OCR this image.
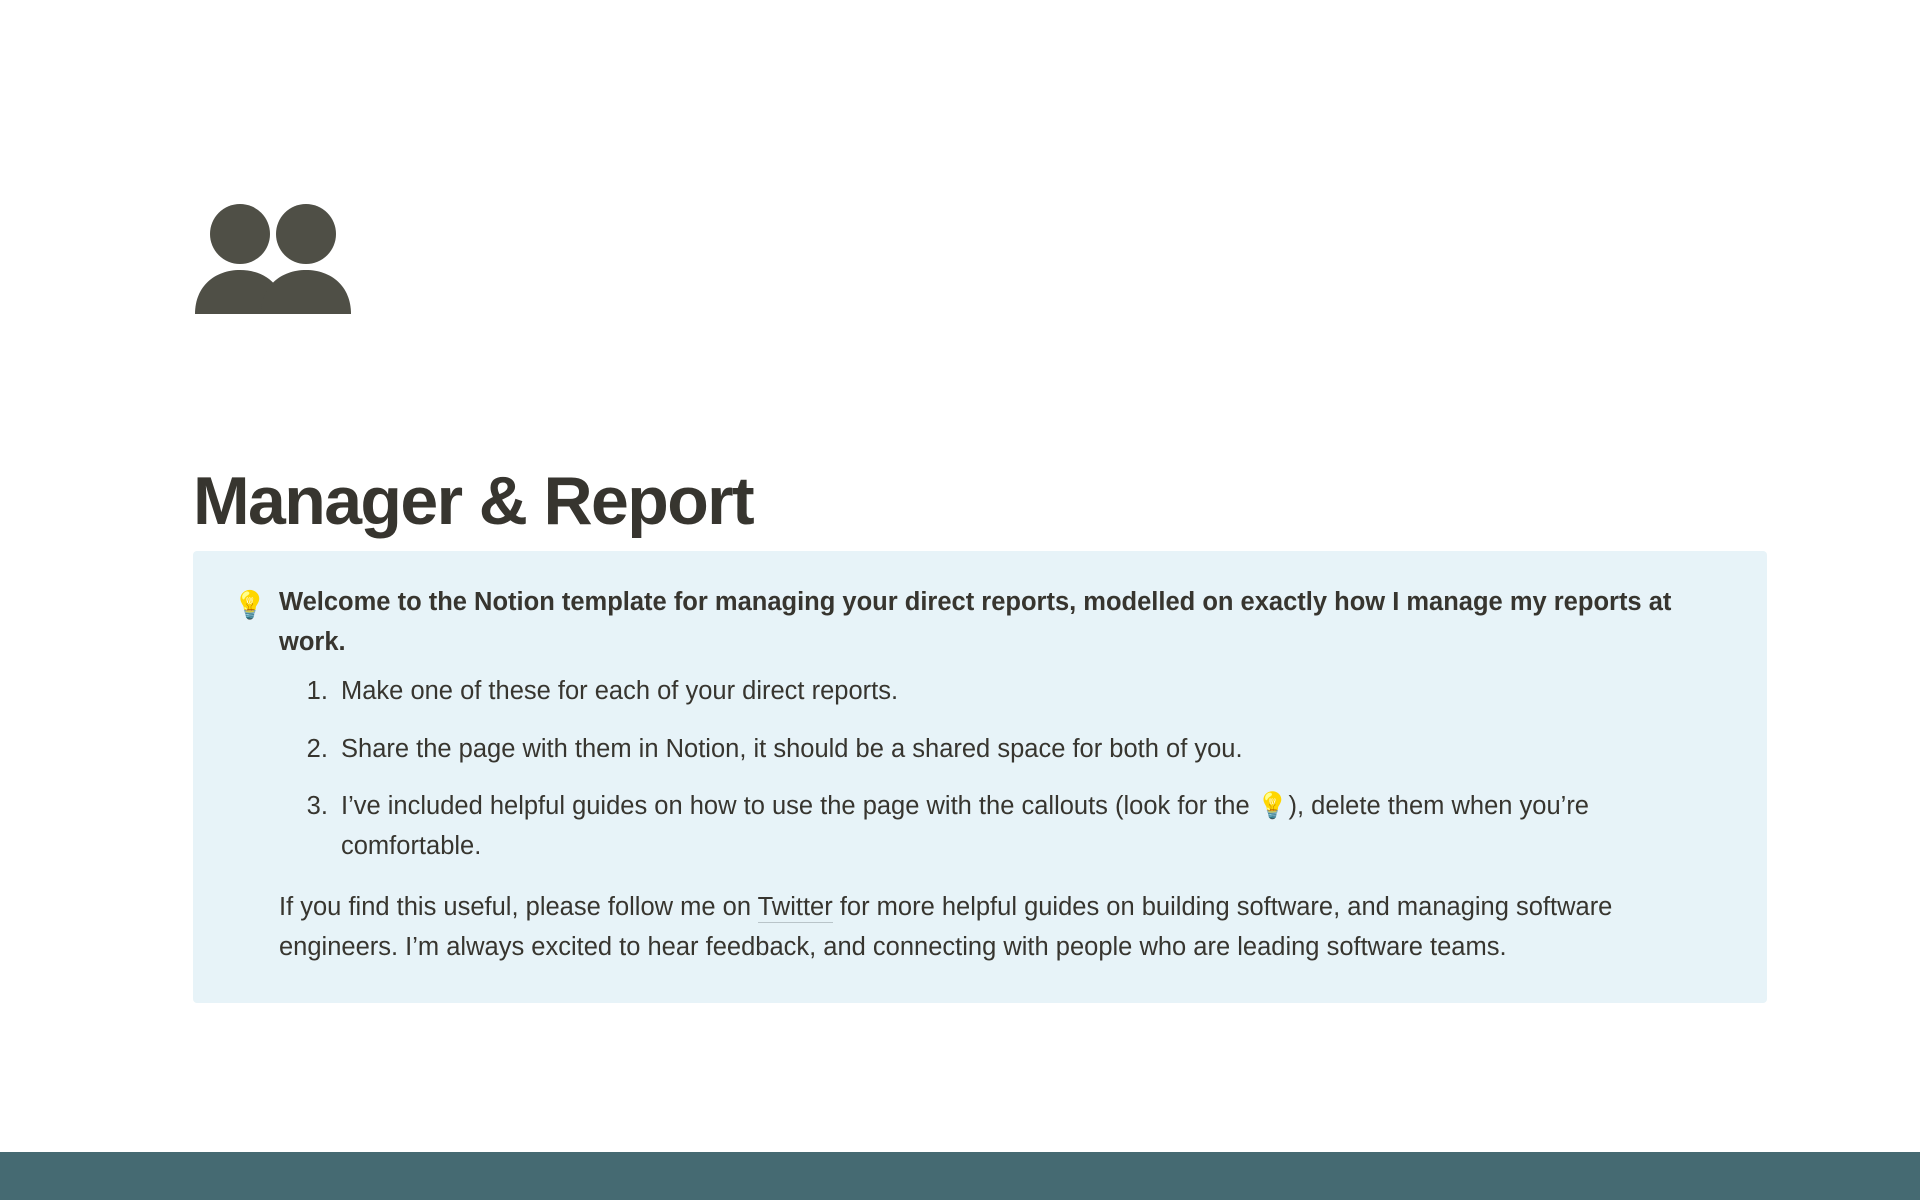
Manager & Report
💡 Welcome to the Notion template for managing your direct reports, modelled on exactly how I manage my reports at work.

1. Make one of these for each of your direct reports.
2. Share the page with them in Notion, it should be a shared space for both of you.
3. I’ve included helpful guides on how to use the page with the callouts (look for the 💡), delete them when you’re comfortable.

If you find this useful, please follow me on Twitter for more helpful guides on building software, and managing software engineers. I’m always excited to hear feedback, and connecting with people who are leading software teams.
